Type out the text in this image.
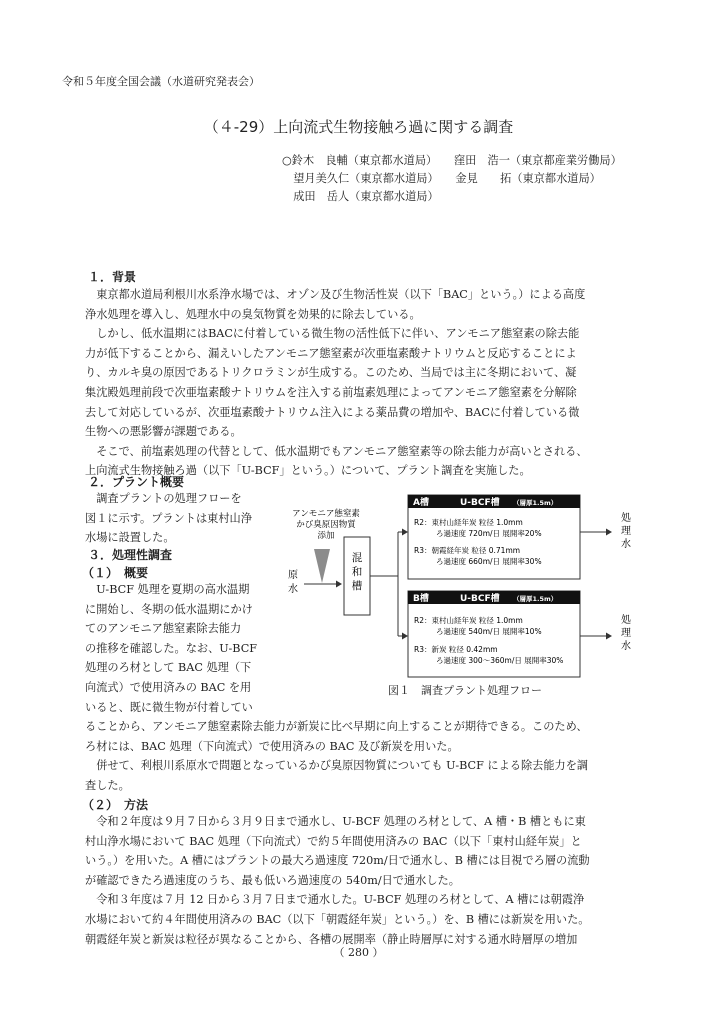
令和５年度全国会議（水道研究発表会）
（４-29）上向流式生物接触ろ過に関する調査
○鈴木　良輔（東京都水道局）　　窪田　浩一（東京都産業労働局）
　望月美久仁（東京都水道局）　　金見　　拓（東京都水道局）
　成田　岳人（東京都水道局）
１．背景
　東京都水道局利根川水系浄水場では、オゾン及び生物活性炭（以下「BAC」という。）による高度
浄水処理を導入し、処理水中の臭気物質を効果的に除去している。
　しかし、低水温期にはBACに付着している微生物の活性低下に伴い、アンモニア態窒素の除去能
力が低下することから、漏えいしたアンモニア態窒素が次亜塩素酸ナトリウムと反応することによ
り、カルキ臭の原因であるトリクロラミンが生成する。このため、当局では主に冬期において、凝
集沈殿処理前段で次亜塩素酸ナトリウムを注入する前塩素処理によってアンモニア態窒素を分解除
去して対応しているが、次亜塩素酸ナトリウム注入による薬品費の増加や、BACに付着している微
生物への悪影響が課題である。
　そこで、前塩素処理の代替として、低水温期でもアンモニア態窒素等の除去能力が高いとされる、
上向流式生物接触ろ過（以下「U-BCF」という。）について、プラント調査を実施した。
２．プラント概要
　調査プラントの処理フローを
図１に示す。プラントは東村山浄
水場に設置した。
３．処理性調査
（１）　概要
　U-BCF 処理を夏期の高水温期
に開始し、冬期の低水温期にかけ
てのアンモニア態窒素除去能力
の推移を確認した。なお、U-BCF
処理のろ材として BAC 処理（下
向流式）で使用済みの BAC を用
いると、既に微生物が付着してい
ることから、アンモニア態窒素除去能力が新炭に比べ早期に向上することが期待できる。このため、
ろ材には、BAC 処理（下向流式）で使用済みの BAC 及び新炭を用いた。
　併せて、利根川系原水で問題となっているかび臭原因物質についても U-BCF による除去能力を調
査した。
（２）　方法
　令和２年度は９月７日から３月９日まで通水し、U-BCF 処理のろ材として、A 槽・B 槽ともに東
村山浄水場において BAC 処理（下向流式）で約５年間使用済みの BAC（以下「東村山経年炭」と
いう。）を用いた。A 槽にはプラントの最大ろ過速度 720m/日で通水し、B 槽には目視でろ層の流動
が確認できたろ過速度のうち、最も低いろ過速度の 540m/日で通水した。
　令和３年度は７月 12 日から３月７日まで通水した。U-BCF 処理のろ材として、A 槽には朝霞浄
水場において約４年間使用済みの BAC（以下「朝霞経年炭」という。）を、B 槽には新炭を用いた。
朝霞経年炭と新炭は粒径が異なることから、各槽の展開率（静止時層厚に対する通水時層厚の増加
アンモニア態窒素
かび臭原因物質
添加
原
水
混
和
槽
A槽	U-BCF槽 （層厚1.5m）
R2：東村山経年炭 粒径 1.0mm
ろ過速度 720m/日 展開率20%
R3：朝霞経年炭 粒径 0.71mm
ろ過速度 660m/日 展開率30%
処
理
水
B槽	U-BCF槽 （層厚1.5m）
R2：東村山経年炭 粒径 1.0mm
ろ過速度 540m/日 展開率10%
R3：新炭 粒径 0.42mm
ろ過速度 300～360m/日 展開率30%
処
理
水
図１　調査プラント処理フロー
（ 280 ）
